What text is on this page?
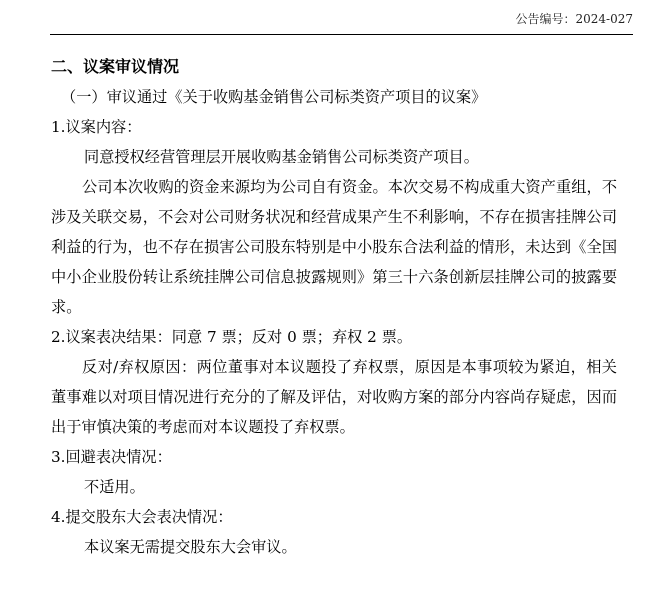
公告编号：2024-027

二、议案审议情况

（一）审议通过《关于收购基金销售公司标类资产项目的议案》

1.议案内容：

同意授权经营管理层开展收购基金销售公司标类资产项目。

公司本次收购的资金来源均为公司自有资金。本次交易不构成重大资产重组，不涉及关联交易，不会对公司财务状况和经营成果产生不利影响，不存在损害挂牌公司利益的行为，也不存在损害公司股东特别是中小股东合法利益的情形，未达到《全国中小企业股份转让系统挂牌公司信息披露规则》第三十六条创新层挂牌公司的披露要求。

2.议案表决结果：同意 7 票；反对 0 票；弃权 2 票。

反对/弃权原因：两位董事对本议题投了弃权票，原因是本事项较为紧迫，相关董事难以对项目情况进行充分的了解及评估，对收购方案的部分内容尚存疑虑，因而出于审慎决策的考虑而对本议题投了弃权票。

3.回避表决情况：

不适用。

4.提交股东大会表决情况：

本议案无需提交股东大会审议。
